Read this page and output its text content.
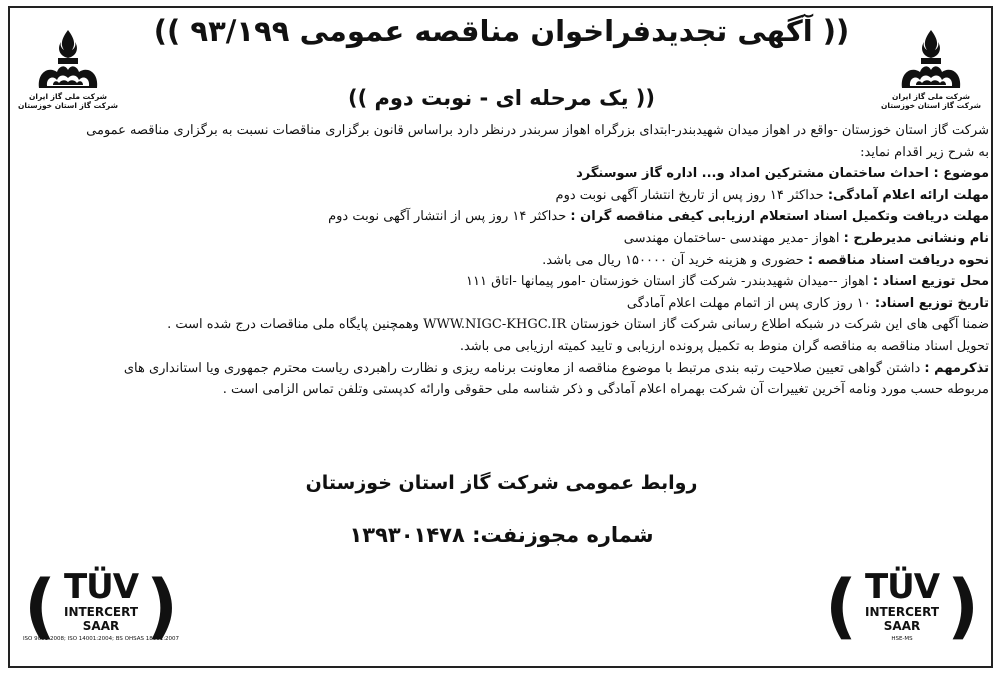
شرکت ملی گاز ایران
شرکت گاز استان خوزستان
شرکت ملی گاز ایران
شرکت گاز استان خوزستان
(( آگهی تجدیدفراخوان مناقصه عمومی ۹۳/۱۹۹ ))
(( یک مرحله ای - نوبت دوم ))

شرکت گاز استان خوزستان -واقع در اهواز میدان شهیدبندر-ابتدای بزرگراه اهواز سربندر درنظر دارد براساس قانون برگزاری مناقصات نسبت به برگزاری مناقصه عمومی

به شرح زیر اقدام نماید:

موضوع : احداث ساختمان مشترکین امداد و... اداره گاز سوسنگرد

مهلت ارائه اعلام آمادگی: حداکثر ۱۴ روز پس از تاریخ انتشار آگهی نوبت دوم

مهلت دریافت وتکمیل اسناد استعلام ارزیابی کیفی مناقصه گران : حداکثر ۱۴ روز پس از انتشار آگهی نوبت دوم

نام ونشانی مدیرطرح : اهواز -مدیر مهندسی -ساختمان مهندسی

نحوه دریافت اسناد مناقصه : حضوری و هزینه خرید آن ۱۵۰۰۰۰ ریال می باشد.

محل توزیع اسناد : اهواز --میدان شهیدبندر- شرکت گاز استان خوزستان -امور پیمانها -اتاق ۱۱۱

تاریخ توزیع اسناد: ۱۰ روز کاری پس از اتمام مهلت اعلام آمادگی

ضمنا آگهی های این شرکت در شبکه اطلاع رسانی شرکت گاز استان خوزستان WWW.NIGC-KHGC.IR وهمچنین پایگاه ملی مناقصات درج شده است .

تحویل اسناد مناقصه به مناقصه گران منوط به تکمیل پرونده ارزیابی و تایید کمیته ارزیابی می باشد.

تذکرمهم : داشتن گواهی تعیین صلاحیت رتبه بندی مرتبط با موضوع مناقصه از معاونت برنامه ریزی و نظارت راهبردی ریاست محترم جمهوری ویا استانداری های

مربوطه حسب مورد ونامه آخرین تغییرات آن شرکت بهمراه اعلام آمادگی و ذکر شناسه ملی حقوقی وارائه کدپستی وتلفن تماس الزامی است .

روابط عمومی شرکت گاز استان خوزستان
شماره مجوزنفت: ۱۳۹۳۰۱۴۷۸
( )
TÜV
INTERCERT
SAAR
ISO 9001:2008; ISO 14001:2004; BS OHSAS 18001:2007	( )
TÜV
INTERCERT
SAAR
HSE-MS
